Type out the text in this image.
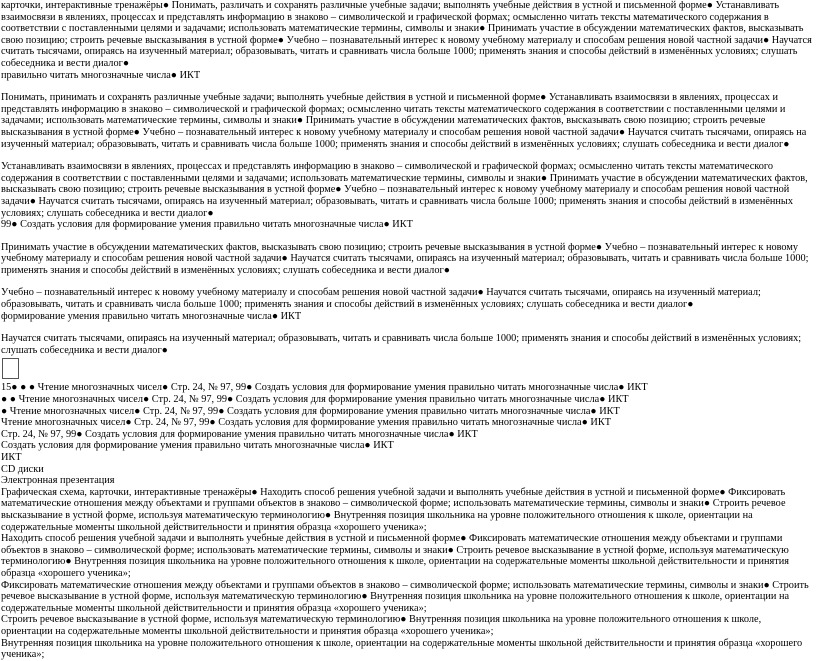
карточки, интерактивные тренажёры● Понимать, различать и сохранять различные учебные задачи; выполнять учебные действия в устной и письменной форме● Устанавливать взаимосвязи в явлениях, процессах и представлять информацию в знаково – символической и графической формах; осмысленно читать тексты математического содержания в соответствии с поставленными целями и задачами; использовать математические термины, символы и знаки● Принимать участие в обсуждении математических фактов, высказывать свою позицию; строить речевые высказывания в устной форме● Учебно – познавательный интерес к новому учебному материалу и способам решения новой частной задачи● Научатся считать тысячами, опираясь на изученный материал; образовывать, читать и сравнивать числа больше 1000; применять знания и способы действий в изменённых условиях; слушать собеседника и вести диалог●

правильно читать многозначные числа● ИКТ

Понимать, принимать и сохранять различные учебные задачи; выполнять учебные действия в устной и письменной форме● Устанавливать взаимосвязи в явлениях, процессах и представлять информацию в знаково – символической и графической формах; осмысленно читать тексты математического содержания в соответствии с поставленными целями и задачами; использовать математические термины, символы и знаки● Принимать участие в обсуждении математических фактов, высказывать свою позицию; строить речевые высказывания в устной форме● Учебно – познавательный интерес к новому учебному материалу и способам решения новой частной задачи● Научатся считать тысячами, опираясь на изученный материал; образовывать, читать и сравнивать числа больше 1000; применять знания и способы действий в изменённых условиях; слушать собеседника и вести диалог●

Устанавливать взаимосвязи в явлениях, процессах и представлять информацию в знаково – символической и графической формах; осмысленно читать тексты математического содержания в соответствии с поставленными целями и задачами; использовать математические термины, символы и знаки● Принимать участие в обсуждении математических фактов, высказывать свою позицию; строить речевые высказывания в устной форме● Учебно – познавательный интерес к новому учебному материалу и способам решения новой частной задачи● Научатся считать тысячами, опираясь на изученный материал; образовывать, читать и сравнивать числа больше 1000; применять знания и способы действий в изменённых условиях; слушать собеседника и вести диалог●

99● Создать условия для формирование умения правильно читать многозначные числа● ИКТ

Принимать участие в обсуждении математических фактов, высказывать свою позицию; строить речевые высказывания в устной форме● Учебно – познавательный интерес к новому учебному материалу и способам решения новой частной задачи● Научатся считать тысячами, опираясь на изученный материал; образовывать, читать и сравнивать числа больше 1000; применять знания и способы действий в изменённых условиях; слушать собеседника и вести диалог●

Учебно – познавательный интерес к новому учебному материалу и способам решения новой частной задачи● Научатся считать тысячами, опираясь на изученный материал; образовывать, читать и сравнивать числа больше 1000; применять знания и способы действий в изменённых условиях; слушать собеседника и вести диалог●

формирование умения правильно читать многозначные числа● ИКТ

Научатся считать тысячами, опираясь на изученный материал; образовывать, читать и сравнивать числа больше 1000; применять знания и способы действий в изменённых условиях; слушать собеседника и вести диалог●

15● ● ● Чтение многозначных чисел● Стр. 24, № 97, 99● Создать условия для формирование умения правильно читать многозначные числа● ИКТ

● ● Чтение многозначных чисел● Стр. 24, № 97, 99● Создать условия для формирование умения правильно читать многозначные числа● ИКТ

● Чтение многозначных чисел● Стр. 24, № 97, 99● Создать условия для формирование умения правильно читать многозначные числа● ИКТ

Чтение многозначных чисел● Стр. 24, № 97, 99● Создать условия для формирование умения правильно читать многозначные числа● ИКТ

Стр. 24, № 97, 99● Создать условия для формирование умения правильно читать многозначные числа● ИКТ

Создать условия для формирование умения правильно читать многозначные числа● ИКТ

ИКТ

CD диски

Электронная презентация

Графическая схема, карточки, интерактивные тренажёры● Находить способ решения учебной задачи и выполнять учебные действия в устной и письменной форме● Фиксировать математические отношения между объектами и группами объектов в знаково – символической форме; использовать математические термины, символы и знаки● Строить речевое высказывание в устной форме, используя математическую терминологию● Внутренняя позиция школьника на уровне положительного отношения к школе, ориентации на содержательные моменты школьной действительности и принятия образца «хорошего ученика»;

Находить способ решения учебной задачи и выполнять учебные действия в устной и письменной форме● Фиксировать математические отношения между объектами и группами объектов в знаково – символической форме; использовать математические термины, символы и знаки● Строить речевое высказывание в устной форме, используя математическую терминологию● Внутренняя позиция школьника на уровне положительного отношения к школе, ориентации на содержательные моменты школьной действительности и принятия образца «хорошего ученика»;

Фиксировать математические отношения между объектами и группами объектов в знаково – символической форме; использовать математические термины, символы и знаки● Строить речевое высказывание в устной форме, используя математическую терминологию● Внутренняя позиция школьника на уровне положительного отношения к школе, ориентации на содержательные моменты школьной действительности и принятия образца «хорошего ученика»;

Строить речевое высказывание в устной форме, используя математическую терминологию● Внутренняя позиция школьника на уровне положительного отношения к школе, ориентации на содержательные моменты школьной действительности и принятия образца «хорошего ученика»;

Внутренняя позиция школьника на уровне положительного отношения к школе, ориентации на содержательные моменты школьной действительности и принятия образца «хорошего ученика»;
